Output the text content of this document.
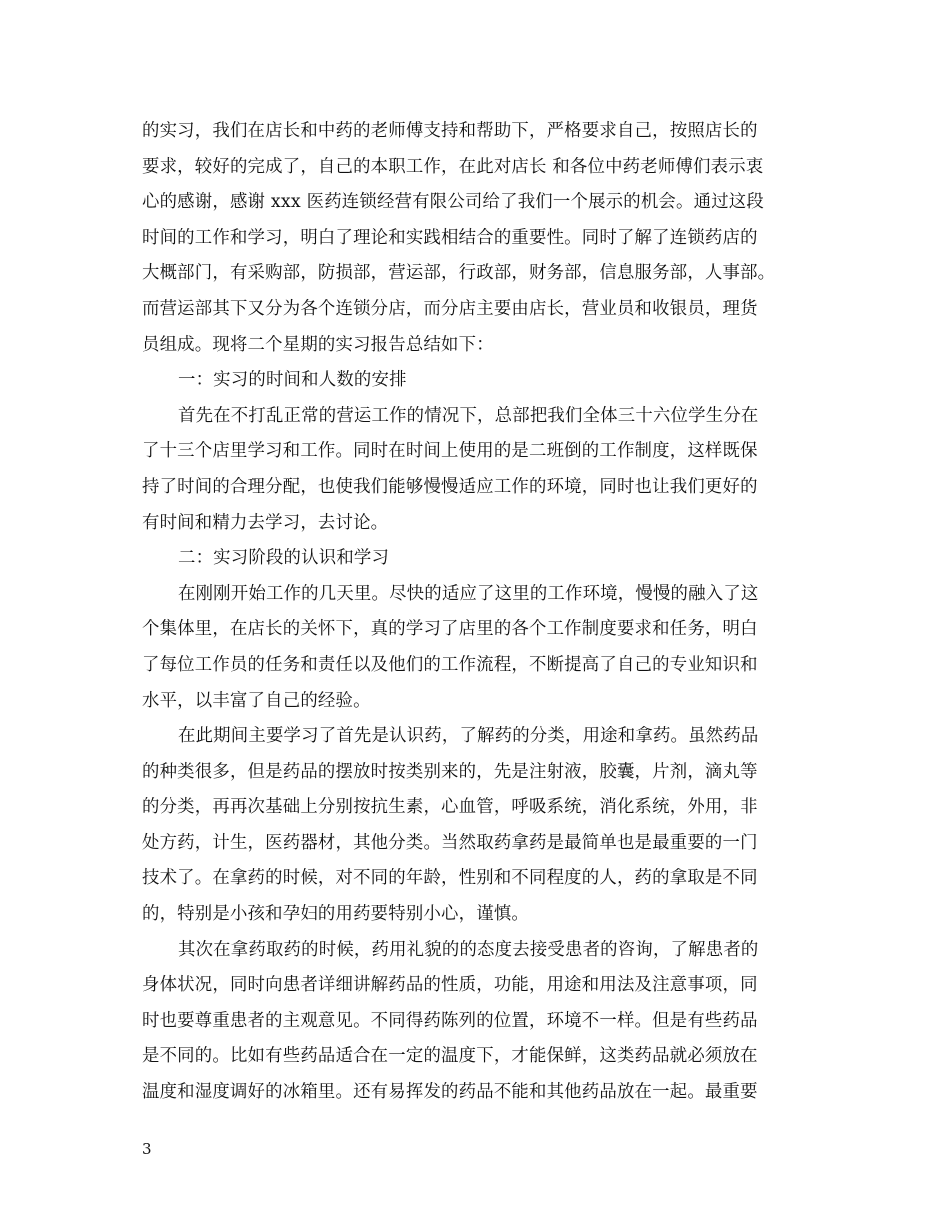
的实习，我们在店长和中药的老师傅支持和帮助下，严格要求自己，按照店长的
要求，较好的完成了，自己的本职工作，在此对店长 和各位中药老师傅们表示衷
心的感谢，感谢 xxx 医药连锁经营有限公司给了我们一个展示的机会。通过这段
时间的工作和学习，明白了理论和实践相结合的重要性。同时了解了连锁药店的
大概部门，有采购部，防损部，营运部，行政部，财务部，信息服务部，人事部。
而营运部其下又分为各个连锁分店，而分店主要由店长，营业员和收银员，理货
员组成。现将二个星期的实习报告总结如下：
一：实习的时间和人数的安排
首先在不打乱正常的营运工作的情况下，总部把我们全体三十六位学生分在
了十三个店里学习和工作。同时在时间上使用的是二班倒的工作制度，这样既保
持了时间的合理分配，也使我们能够慢慢适应工作的环境，同时也让我们更好的
有时间和精力去学习，去讨论。
二：实习阶段的认识和学习
在刚刚开始工作的几天里。尽快的适应了这里的工作环境，慢慢的融入了这
个集体里，在店长的关怀下，真的学习了店里的各个工作制度要求和任务，明白
了每位工作员的任务和责任以及他们的工作流程，不断提高了自己的专业知识和
水平，以丰富了自己的经验。
在此期间主要学习了首先是认识药，了解药的分类，用途和拿药。虽然药品
的种类很多，但是药品的摆放时按类别来的，先是注射液，胶囊，片剂，滴丸等
的分类，再再次基础上分别按抗生素，心血管，呼吸系统，消化系统，外用，非
处方药，计生，医药器材，其他分类。当然取药拿药是最简单也是最重要的一门
技术了。在拿药的时候，对不同的年龄，性别和不同程度的人，药的拿取是不同
的，特别是小孩和孕妇的用药要特别小心，谨慎。
其次在拿药取药的时候，药用礼貌的的态度去接受患者的咨询，了解患者的
身体状况，同时向患者详细讲解药品的性质，功能，用途和用法及注意事项，同
时也要尊重患者的主观意见。不同得药陈列的位置，环境不一样。但是有些药品
是不同的。比如有些药品适合在一定的温度下，才能保鲜，这类药品就必须放在
温度和湿度调好的冰箱里。还有易挥发的药品不能和其他药品放在一起。最重要
3
